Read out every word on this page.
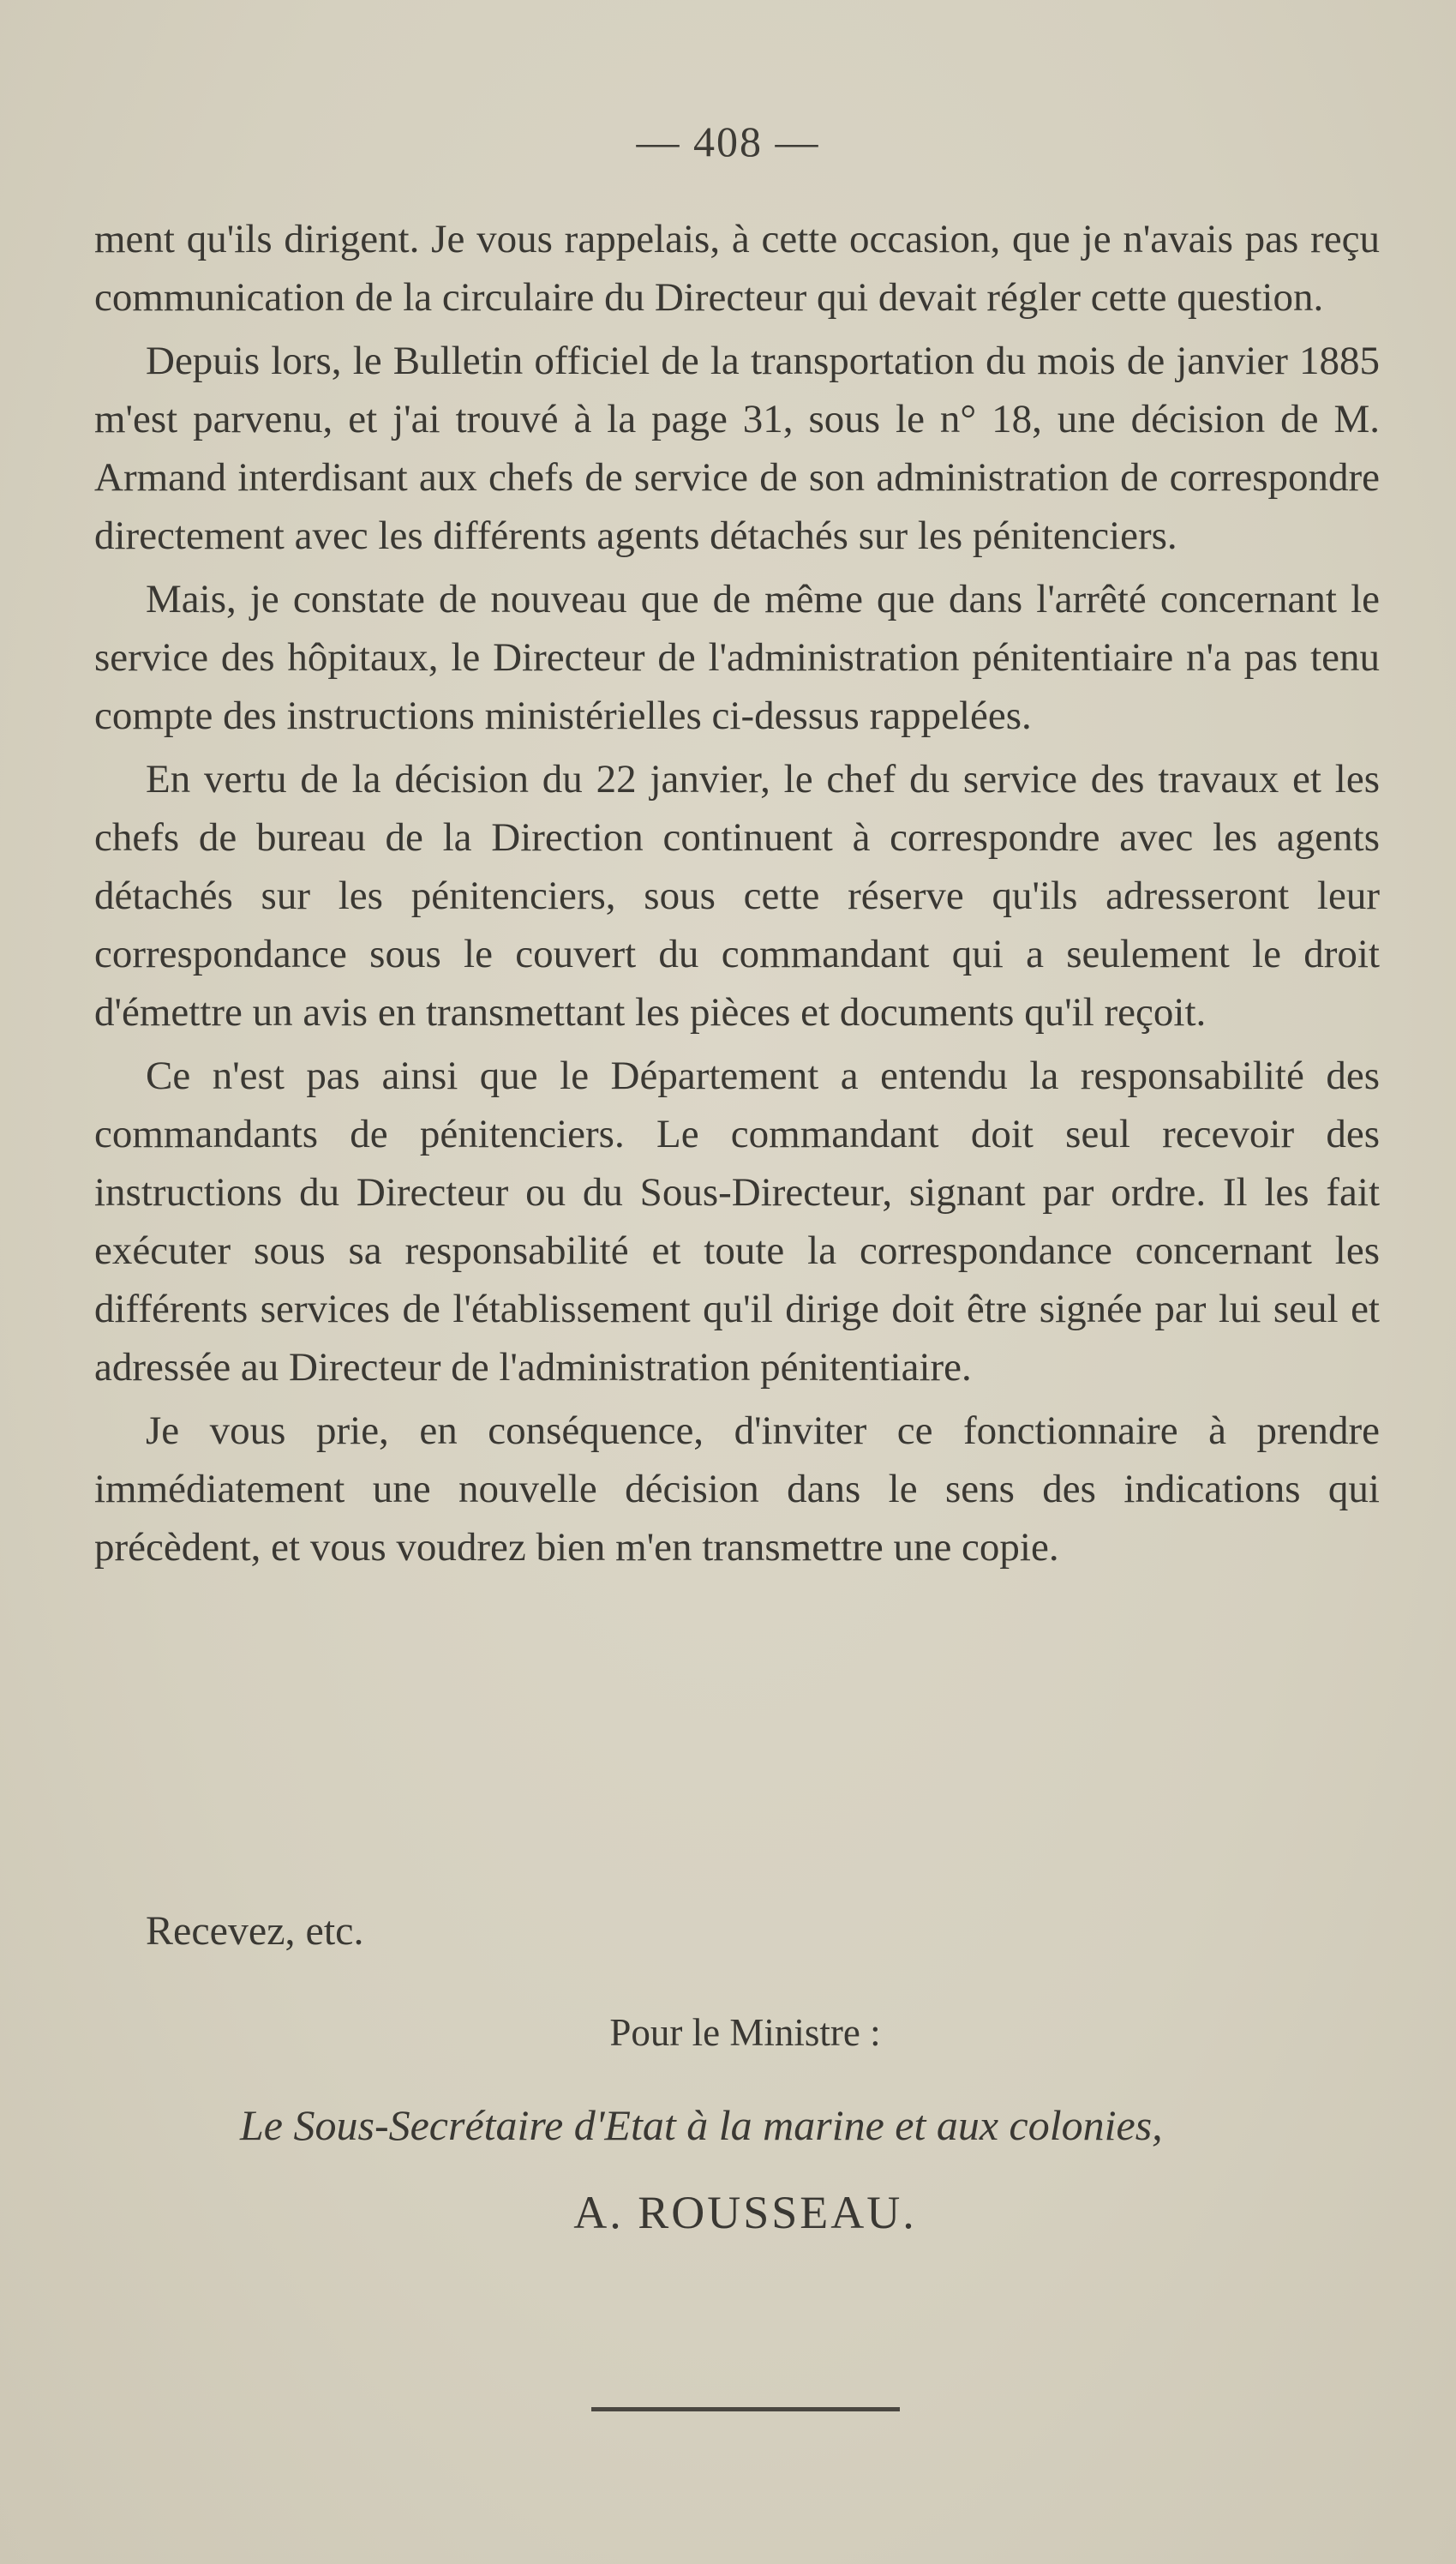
— 408 —

ment qu'ils dirigent. Je vous rappelais, à cette occasion, que je n'avais pas reçu communication de la circulaire du Directeur qui devait régler cette question.

Depuis lors, le Bulletin officiel de la transportation du mois de janvier 1885 m'est parvenu, et j'ai trouvé à la page 31, sous le n° 18, une décision de M. Armand interdisant aux chefs de service de son administration de correspondre directement avec les différents agents détachés sur les pénitenciers.

Mais, je constate de nouveau que de même que dans l'arrêté concernant le service des hôpitaux, le Directeur de l'administration pénitentiaire n'a pas tenu compte des instructions ministérielles ci-dessus rappelées.

En vertu de la décision du 22 janvier, le chef du service des travaux et les chefs de bureau de la Direction continuent à correspondre avec les agents détachés sur les pénitenciers, sous cette réserve qu'ils adresseront leur correspondance sous le couvert du commandant qui a seulement le droit d'émettre un avis en transmettant les pièces et documents qu'il reçoit.

Ce n'est pas ainsi que le Département a entendu la responsabilité des commandants de pénitenciers. Le commandant doit seul recevoir des instructions du Directeur ou du Sous-Directeur, signant par ordre. Il les fait exécuter sous sa responsabilité et toute la correspondance concernant les différents services de l'établissement qu'il dirige doit être signée par lui seul et adressée au Directeur de l'administration pénitentiaire.

Je vous prie, en conséquence, d'inviter ce fonctionnaire à prendre immédiatement une nouvelle décision dans le sens des indications qui précèdent, et vous voudrez bien m'en transmettre une copie.

Recevez, etc.
Pour le Ministre :
Le Sous-Secrétaire d'Etat à la marine et aux colonies,
A. ROUSSEAU.
